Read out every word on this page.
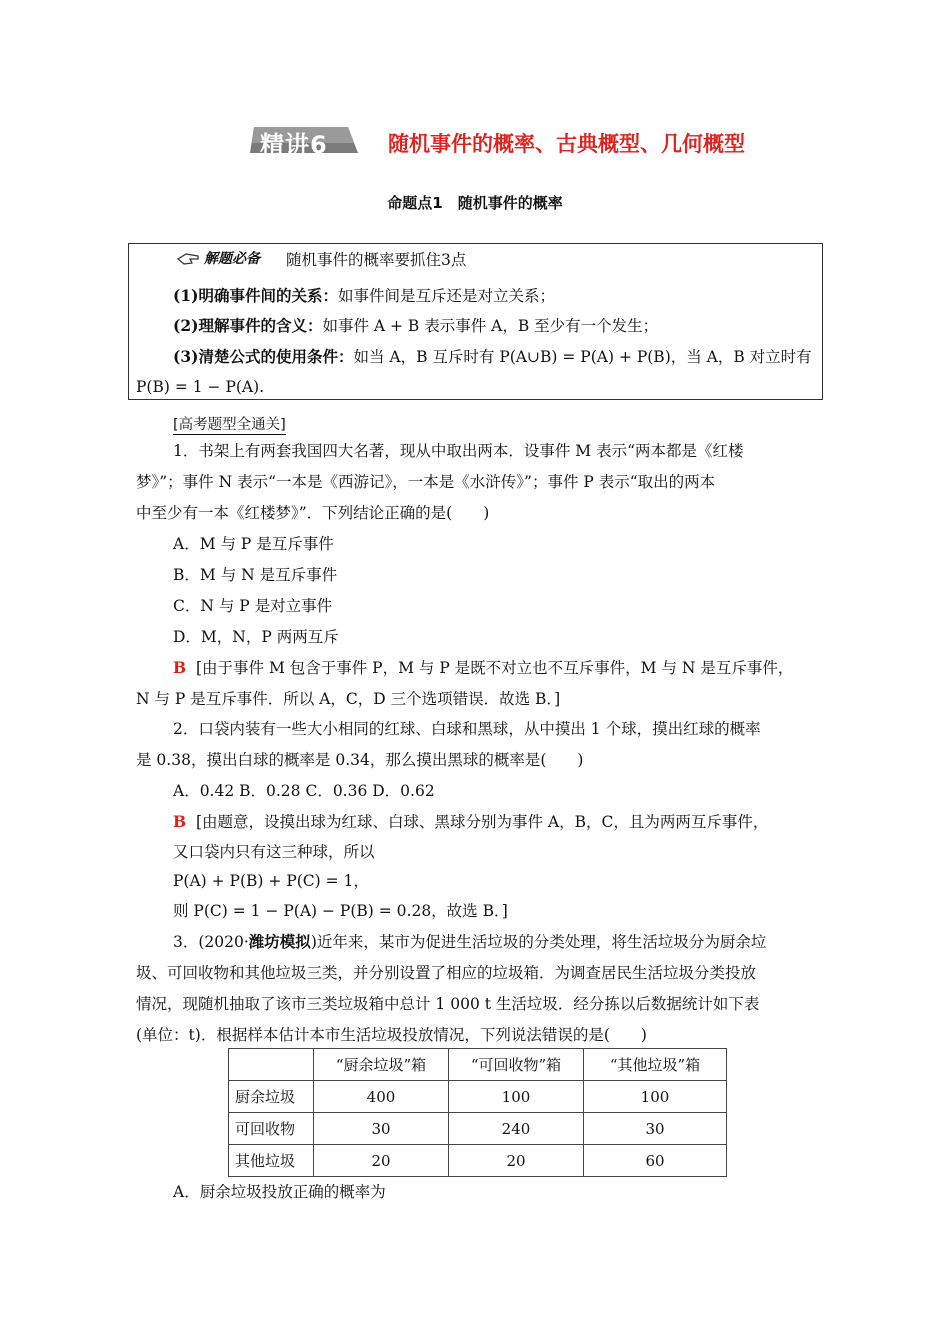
精讲6	随机事件的概率、古典概型、几何概型
命题点1　随机事件的概率
解题必备 随机事件的概率要抓住3点
(1)明确事件间的关系：如事件间是互斥还是对立关系；
(2)理解事件的含义：如事件 A + B 表示事件 A，B 至少有一个发生；
(3)清楚公式的使用条件：如当 A，B 互斥时有 P(A∪B) = P(A) + P(B)，当 A，B 对立时有
P(B) = 1 − P(A).
[高考题型全通关]
1．书架上有两套我国四大名著，现从中取出两本．设事件 M 表示“两本都是《红楼
梦》”；事件 N 表示“一本是《西游记》，一本是《水浒传》”；事件 P 表示“取出的两本
中至少有一本《红楼梦》”．下列结论正确的是(　　)
A．M 与 P 是互斥事件
B．M 与 N 是互斥事件
C．N 与 P 是对立事件
D．M，N，P 两两互斥
B [由于事件 M 包含于事件 P，M 与 P 是既不对立也不互斥事件，M 与 N 是互斥事件，
N 与 P 是互斥事件．所以 A，C，D 三个选项错误．故选 B．]
2．口袋内装有一些大小相同的红球、白球和黑球，从中摸出 1 个球，摸出红球的概率
是 0.38，摸出白球的概率是 0.34，那么摸出黑球的概率是(　　)
A．0.42 B．0.28 C．0.36 D．0.62
B [由题意，设摸出球为红球、白球、黑球分别为事件 A，B，C，且为两两互斥事件，
又口袋内只有这三种球，所以
P(A) + P(B) + P(C) = 1，
则 P(C) = 1 − P(A) − P(B) = 0.28，故选 B．]
3．(2020·潍坊模拟)近年来，某市为促进生活垃圾的分类处理，将生活垃圾分为厨余垃
圾、可回收物和其他垃圾三类，并分别设置了相应的垃圾箱．为调查居民生活垃圾分类投放
情况，现随机抽取了该市三类垃圾箱中总计 1 000 t 生活垃圾．经分拣以后数据统计如下表
(单位：t)．根据样本估计本市生活垃圾投放情况，下列说法错误的是(　　)
	“厨余垃圾”箱	“可回收物”箱	“其他垃圾”箱
厨余垃圾	400	100	100
可回收物	30	240	30
其他垃圾	20	20	60
A．厨余垃圾投放正确的概率为
